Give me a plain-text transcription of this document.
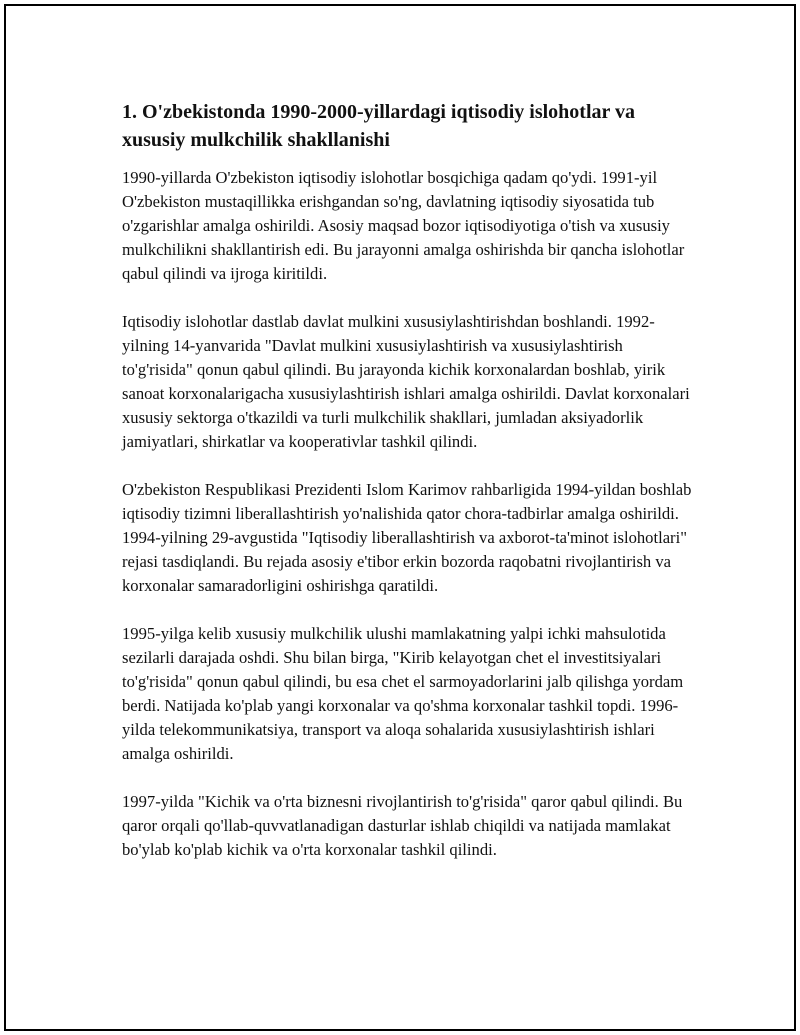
1. O'zbekistonda 1990-2000-yillardagi iqtisodiy islohotlar va xususiy mulkchilik shakllanishi

1990-yillarda O'zbekiston iqtisodiy islohotlar bosqichiga qadam qo'ydi. 1991-yil O'zbekiston mustaqillikka erishgandan so'ng, davlatning iqtisodiy siyosatida tub o'zgarishlar amalga oshirildi. Asosiy maqsad bozor iqtisodiyotiga o'tish va xususiy mulkchilikni shakllantirish edi. Bu jarayonni amalga oshirishda bir qancha islohotlar qabul qilindi va ijroga kiritildi.

Iqtisodiy islohotlar dastlab davlat mulkini xususiylashtirishdan boshlandi. 1992-yilning 14-yanvarida "Davlat mulkini xususiylashtirish va xususiylashtirish to'g'risida" qonun qabul qilindi. Bu jarayonda kichik korxonalardan boshlab, yirik sanoat korxonalarigacha xususiylashtirish ishlari amalga oshirildi. Davlat korxonalari xususiy sektorga o'tkazildi va turli mulkchilik shakllari, jumladan aksiyadorlik jamiyatlari, shirkatlar va kooperativlar tashkil qilindi.

O'zbekiston Respublikasi Prezidenti Islom Karimov rahbarligida 1994-yildan boshlab iqtisodiy tizimni liberallashtirish yo'nalishida qator chora-tadbirlar amalga oshirildi. 1994-yilning 29-avgustida "Iqtisodiy liberallashtirish va axborot-ta'minot islohotlari" rejasi tasdiqlandi. Bu rejada asosiy e'tibor erkin bozorda raqobatni rivojlantirish va korxonalar samaradorligini oshirishga qaratildi.

1995-yilga kelib xususiy mulkchilik ulushi mamlakatning yalpi ichki mahsulotida sezilarli darajada oshdi. Shu bilan birga, "Kirib kelayotgan chet el investitsiyalari to'g'risida" qonun qabul qilindi, bu esa chet el sarmoyadorlarini jalb qilishga yordam berdi. Natijada ko'plab yangi korxonalar va qo'shma korxonalar tashkil topdi. 1996-yilda telekommunikatsiya, transport va aloqa sohalarida xususiylashtirish ishlari amalga oshirildi.

1997-yilda "Kichik va o'rta biznesni rivojlantirish to'g'risida" qaror qabul qilindi. Bu qaror orqali qo'llab-quvvatlanadigan dasturlar ishlab chiqildi va natijada mamlakat bo'ylab ko'plab kichik va o'rta korxonalar tashkil qilindi.
